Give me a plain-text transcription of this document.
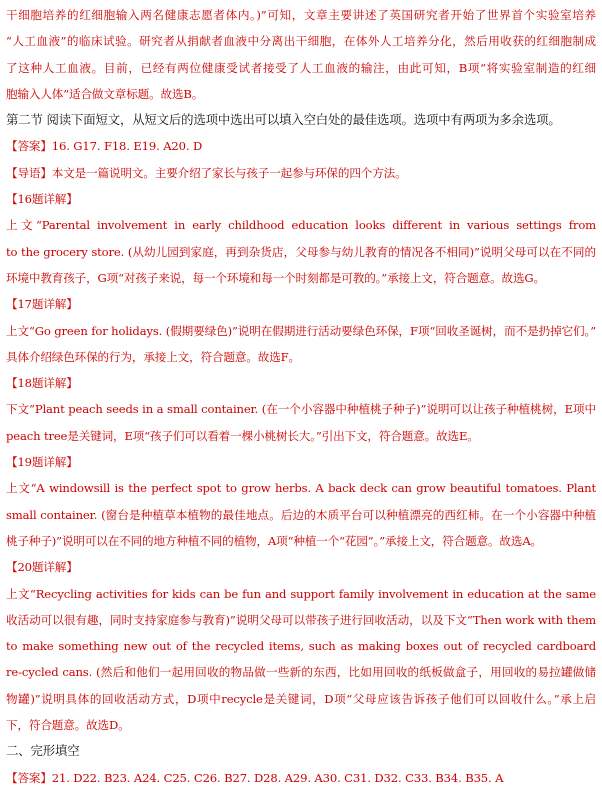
干细胞培养的红细胞输入两名健康志愿者体内。)”可知，文章主要讲述了英国研究者开始了世界首个实验室培养
“人工血液”的临床试验。研究者从捐献者血液中分离出干细胞，在体外人工培养分化，然后用收获的红细胞制成
了这种人工血液。目前，已经有两位健康受试者接受了人工血液的输注，由此可知，B项“将实验室制造的红细
胞输入人体”适合做文章标题。故选B。
第二节 阅读下面短文，从短文后的选项中选出可以填入空白处的最佳选项。选项中有两项为多余选项。
【答案】16. G17. F18. E19. A20. D
【导语】本文是一篇说明文。主要介绍了家长与孩子一起参与环保的四个方法。
【16题详解】
上文“Parental involvement in early childhood education looks different in various settings from
to the grocery store. (从幼儿园到家庭，再到杂货店，父母参与幼儿教育的情况各不相同)”说明父母可以在不同的
环境中教育孩子，G项“对孩子来说，每一个环境和每一个时刻都是可教的。”承接上文，符合题意。故选G。
【17题详解】
上文“Go green for holidays. (假期要绿色)”说明在假期进行活动要绿色环保，F项“回收圣诞树，而不是扔掉它们。”
具体介绍绿色环保的行为，承接上文，符合题意。故选F。
【18题详解】
下文“Plant peach seeds in a small container. (在一个小容器中种植桃子种子)”说明可以让孩子种植桃树，E项中
peach tree是关键词，E项“孩子们可以看着一棵小桃树长大。”引出下文，符合题意。故选E。
【19题详解】
上文“A windowsill is the perfect spot to grow herbs. A back deck can grow beautiful tomatoes. Plant
small container. (窗台是种植草本植物的最佳地点。后边的木质平台可以种植漂亮的西红柿。在一个小容器中种植
桃子种子)”说明可以在不同的地方种植不同的植物，A项“种植一个“花园”。”承接上文，符合题意。故选A。
【20题详解】
上文“Recycling activities for kids can be fun and support family involvement in education at the same
收活动可以很有趣，同时支持家庭参与教育)”说明父母可以带孩子进行回收活动，以及下文“Then work with them
to make something new out of the recycled items, such as making boxes out of recycled cardboard
re-cycled cans. (然后和他们一起用回收的物品做一些新的东西，比如用回收的纸板做盒子，用回收的易拉罐做储
物罐)”说明具体的回收活动方式，D项中recycle是关键词，D项“父母应该告诉孩子他们可以回收什么。”承上启
下，符合题意。故选D。
二、完形填空
【答案】21. D22. B23. A24. C25. C26. B27. D28. A29. A30. C31. D32. C33. B34. B35. A
